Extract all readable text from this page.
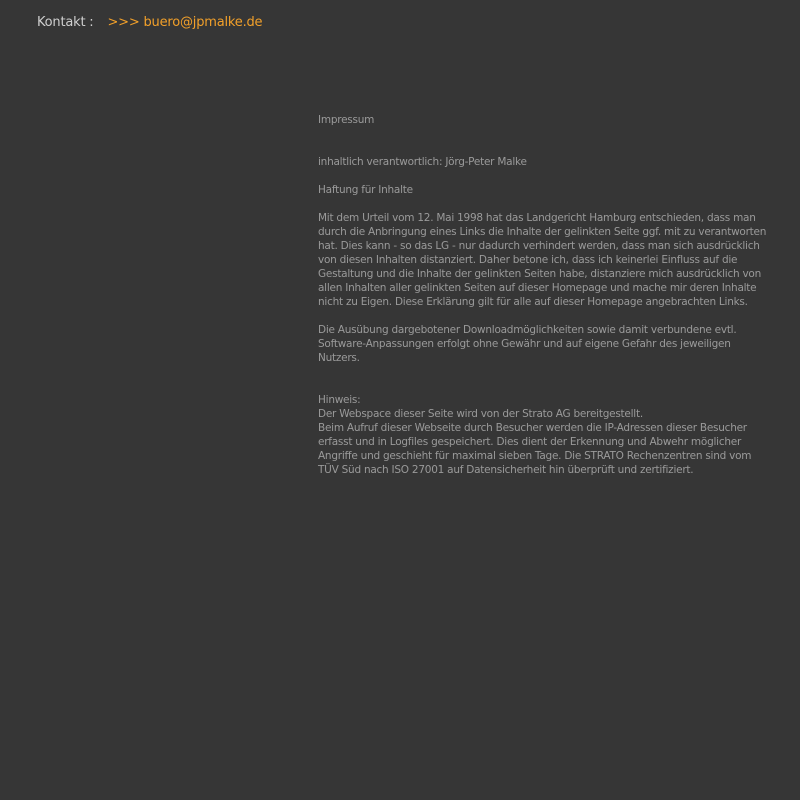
Kontakt : >>> buero@jpmalke.de

Impressum

inhaltlich verantwortlich: Jörg-Peter Malke

Haftung für Inhalte

Mit dem Urteil vom 12. Mai 1998 hat das Landgericht Hamburg entschieden, dass man durch die Anbringung eines Links die Inhalte der gelinkten Seite ggf. mit zu verantworten hat. Dies kann - so das LG - nur dadurch verhindert werden, dass man sich ausdrücklich von diesen Inhalten distanziert. Daher betone ich, dass ich keinerlei Einfluss auf die Gestaltung und die Inhalte der gelinkten Seiten habe, distanziere mich ausdrücklich von allen Inhalten aller gelinkten Seiten auf dieser Homepage und mache mir deren Inhalte nicht zu Eigen. Diese Erklärung gilt für alle auf dieser Homepage angebrachten Links.

Die Ausübung dargebotener Downloadmöglichkeiten sowie damit verbundene evtl. Software-Anpassungen erfolgt ohne Gewähr und auf eigene Gefahr des jeweiligen Nutzers.

Hinweis:

Der Webspace dieser Seite wird von der Strato AG bereitgestellt.

Beim Aufruf dieser Webseite durch Besucher werden die IP-Adressen dieser Besucher erfasst und in Logfiles gespeichert. Dies dient der Erkennung und Abwehr möglicher Angriffe und geschieht für maximal sieben Tage. Die STRATO Rechenzentren sind vom TÜV Süd nach ISO 27001 auf Datensicherheit hin überprüft und zertifiziert.
